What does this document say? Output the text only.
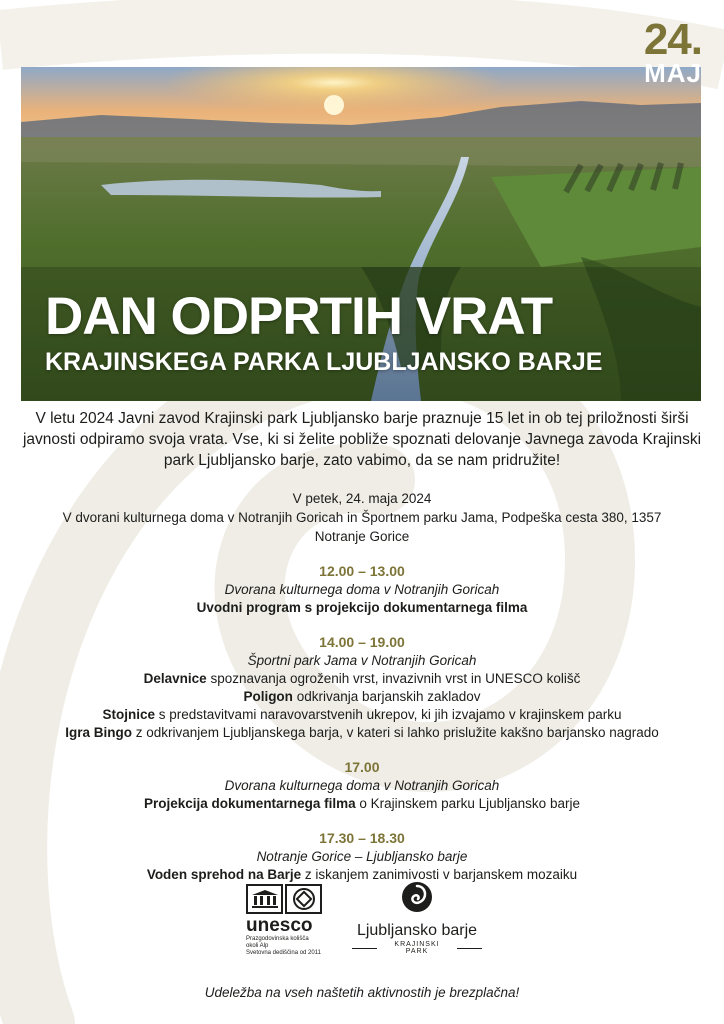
24.
MAJ
DAN ODPRTIH VRAT
KRAJINSKEGA PARKA LJUBLJANSKO BARJE
V letu 2024 Javni zavod Krajinski park Ljubljansko barje praznuje 15 let in ob tej priložnosti širši javnosti odpiramo svoja vrata. Vse, ki si želite pobliže spoznati delovanje Javnega zavoda Krajinski park Ljubljansko barje, zato vabimo, da se nam pridružite!
V petek, 24. maja 2024
V dvorani kulturnega doma v Notranjih Goricah in Športnem parku Jama, Podpeška cesta 380, 1357 Notranje Gorice
12.00 – 13.00
Dvorana kulturnega doma v Notranjih Goricah
Uvodni program s projekcijo dokumentarnega filma
14.00 – 19.00
Športni park Jama v Notranjih Goricah
Delavnice spoznavanja ogroženih vrst, invazivnih vrst in UNESCO kolišč
Poligon odkrivanja barjanskih zakladov
Stojnice s predstavitvami naravovarstvenih ukrepov, ki jih izvajamo v krajinskem parku
Igra Bingo z odkrivanjem Ljubljanskega barja, v kateri si lahko prislužite kakšno barjansko nagrado
17.00
Dvorana kulturnega doma v Notranjih Goricah
Projekcija dokumentarnega filma o Krajinskem parku Ljubljansko barje
17.30 – 18.30
Notranje Gorice – Ljubljansko barje
Voden sprehod na Barje z iskanjem zanimivosti v barjanskem mozaiku
unesco
Prazgodovinska kolišča
okoli Alp
Svetovna dediščina od 2011
Ljubljansko barje
KRAJINSKI PARK
Udeležba na vseh naštetih aktivnostih je brezplačna!
